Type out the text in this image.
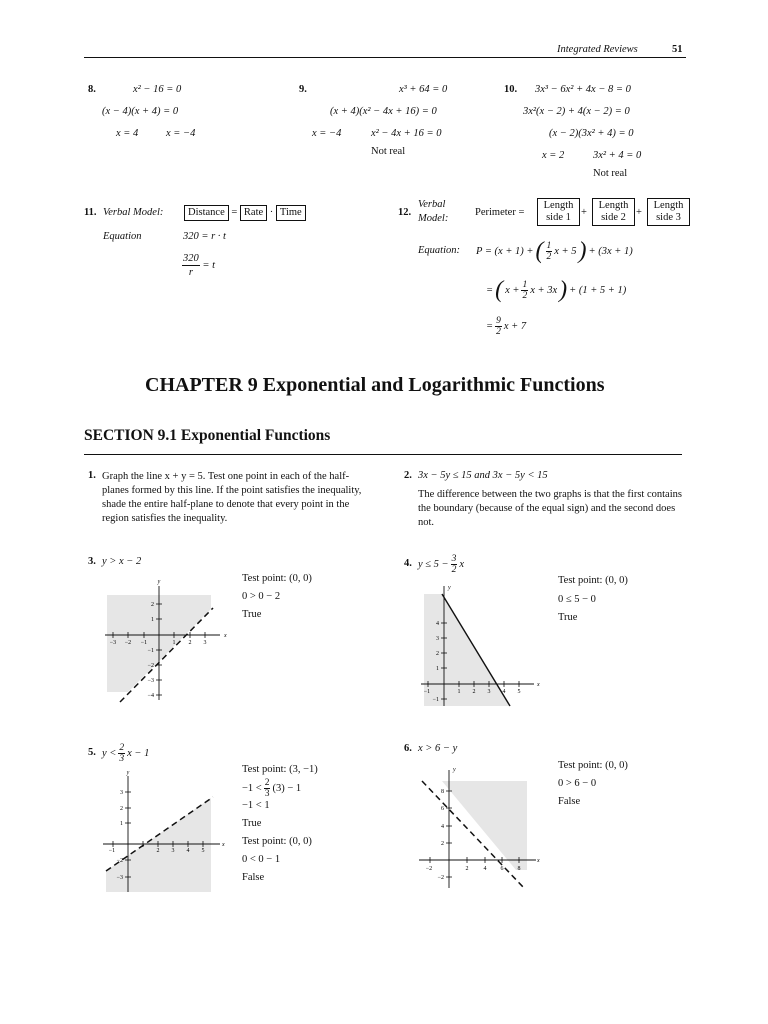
Integrated Reviews	51
8.	x² − 16 = 0
(x − 4)(x + 4) = 0
x = 4	x = −4
9.	x³ + 64 = 0
(x + 4)(x² − 4x + 16) = 0
x = −4	x² − 4x + 16 = 0
Not real
10. 3x³ − 6x² + 4x − 8 = 0
3x²(x − 2) + 4(x − 2) = 0
(x − 2)(3x² + 4) = 0
x = 2	3x² + 4 = 0
Not real
11. Verbal Model:	Distance = Rate · Time
Equation	320 = r · t
$\frac{320}{r} = t$
12.
Verbal
Model:
Perimeter =
Length
side 1 +
Length
side 2 +
Length
side 3
Equation: P = (x + 1) + ( $\frac{1}{2}$ x + 5 ) + (3x + 1)
= ( $x + \frac{1}{2}$ x + 3x ) + (1 + 5 + 1)
= $\frac{9}{2}$ x + 7
CHAPTER 9 Exponential and Logarithmic Functions
SECTION 9.1 Exponential Functions
1. Graph the line x + y = 5. Test one point in each of the half-planes formed by this line. If the point satisfies the inequality, shade the entire half-plane to denote that every point in the region satisfies the inequality.
2. 3x − 5y ≤ 15 and 3x − 5y < 15
The difference between the two graphs is that the first contains the boundary (because of the equal sign) and the second does not.
3. y > x − 2
Test point: (0, 0)
0 > 0 − 2
True
4. $y \le 5 - \frac{3}{2}$ x
Test point: (0, 0)
0 ≤ 5 − 0
True
5. $y < \frac{2}{3}$ x − 1
Test point: (3, −1)
$-1 < \frac{2}{3} (3) - 1$
−1 < 1
True
Test point: (0, 0)
0 < 0 − 1
False
6. x > 6 − y
Test point: (0, 0)
0 > 6 − 0
False
y
x
−3 −2 −1	1 2 3
2
1
−1
−2
−3
−4
y
x
−1	1 2 3 4 5
4
3
2
1
−1
y
x
−1	2 3 4 5
3
2
1
−2
−3
y
x
−2	2	4 6 8
8
6
4
2
−2
